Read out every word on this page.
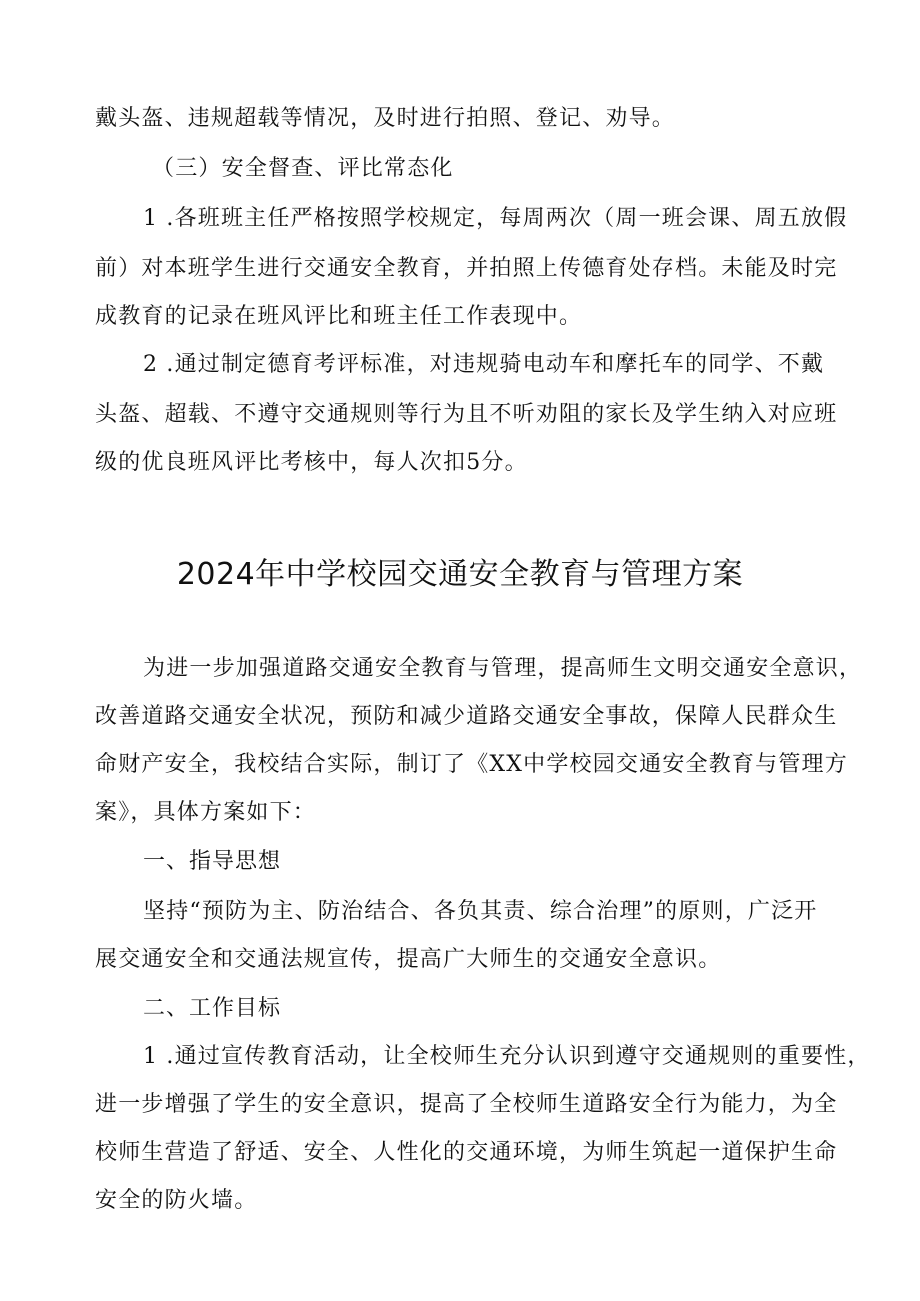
戴头盔、违规超载等情况，及时进行拍照、登记、劝导。
（三）安全督查、评比常态化
1 .各班班主任严格按照学校规定，每周两次（周一班会课、周五放假
前）对本班学生进行交通安全教育，并拍照上传德育处存档。未能及时完
成教育的记录在班风评比和班主任工作表现中。
2 .通过制定德育考评标准，对违规骑电动车和摩托车的同学、不戴
头盔、超载、不遵守交通规则等行为且不听劝阻的家长及学生纳入对应班
级的优良班风评比考核中，每人次扣5分。
2024年中学校园交通安全教育与管理方案
为进一步加强道路交通安全教育与管理，提高师生文明交通安全意识，
改善道路交通安全状况，预防和减少道路交通安全事故，保障人民群众生
命财产安全，我校结合实际，制订了《XX中学校园交通安全教育与管理方
案》，具体方案如下：
一、指导思想
坚持“预防为主、防治结合、各负其责、综合治理”的原则，广泛开
展交通安全和交通法规宣传，提高广大师生的交通安全意识。
二、工作目标
1 .通过宣传教育活动，让全校师生充分认识到遵守交通规则的重要性，
进一步增强了学生的安全意识，提高了全校师生道路安全行为能力，为全
校师生营造了舒适、安全、人性化的交通环境，为师生筑起一道保护生命
安全的防火墙。
